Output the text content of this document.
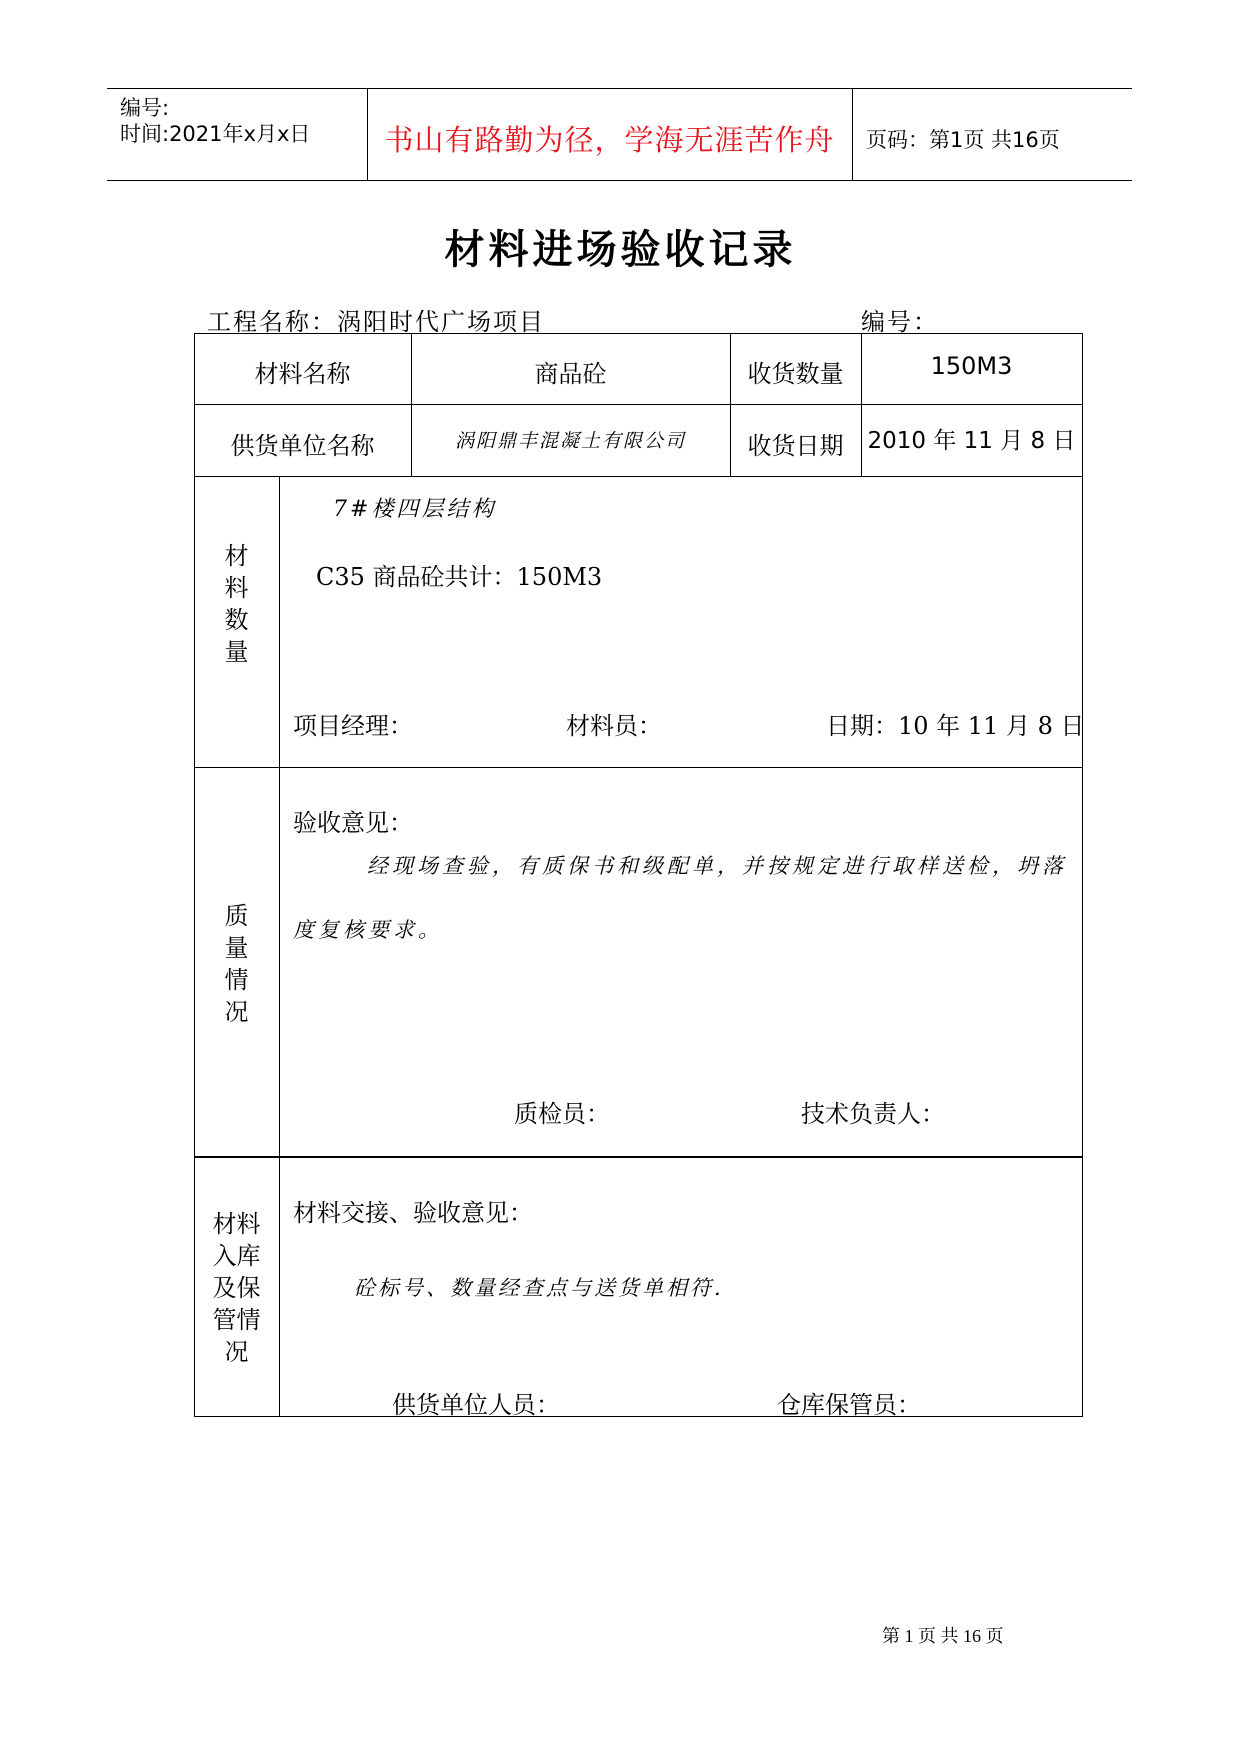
编号:
时间:2021年x月x日	书山有路勤为径，学海无涯苦作舟	页码：第1页 共16页
材料进场验收记录
工程名称：涡阳时代广场项目	编号：
材料名称	商品砼	收货数量	150M3
供货单位名称	涡阳鼎丰混凝土有限公司	收货日期	2010 年 11 月 8 日
材料数量
7#楼四层结构
C35 商品砼共计：150M3
项目经理：	材料员：	日期：10 年 11 月 8 日
质量情况
验收意见：
经现场查验，有质保书和级配单，并按规定进行取样送检，坍落
度复核要求。
质检员：	技术负责人：
材料入库及保管情况
材料交接、验收意见：
砼标号、数量经查点与送货单相符.
供货单位人员：	仓库保管员：
第 1 页 共 16 页
